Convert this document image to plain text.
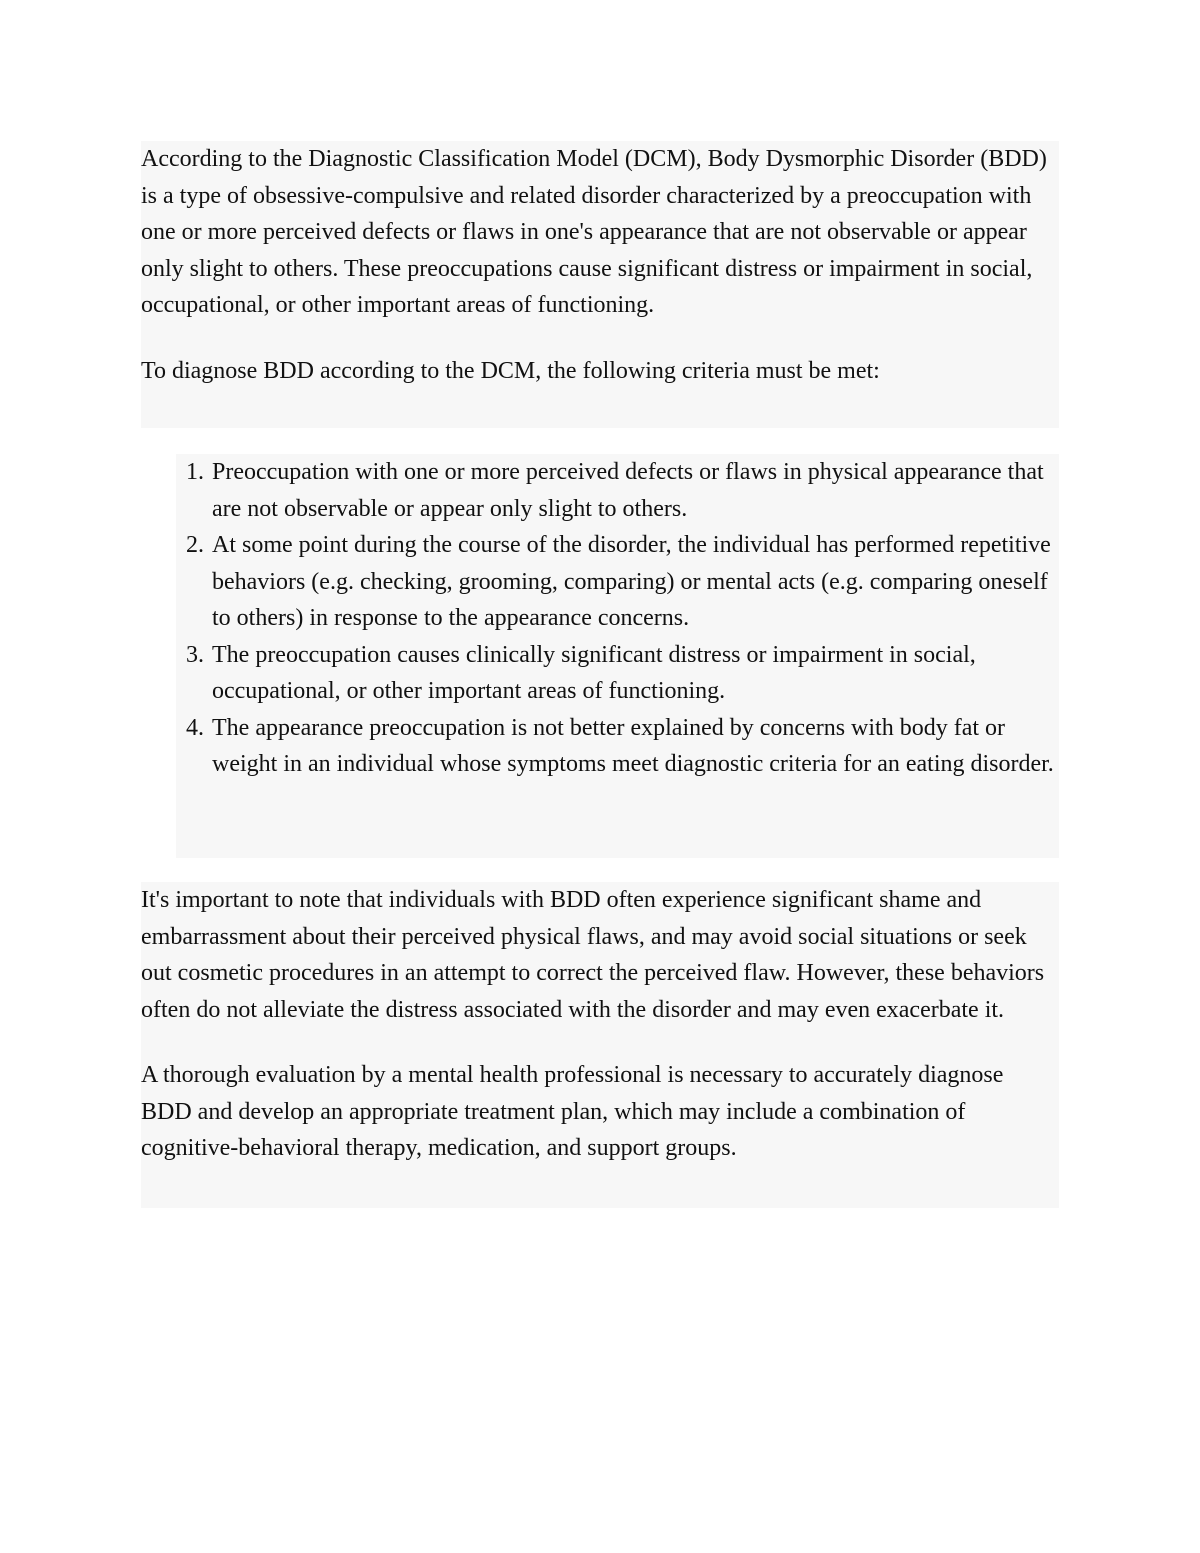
According to the Diagnostic Classification Model (DCM), Body Dysmorphic Disorder (BDD) is a type of obsessive-compulsive and related disorder characterized by a preoccupation with one or more perceived defects or flaws in one's appearance that are not observable or appear only slight to others. These preoccupations cause significant distress or impairment in social, occupational, or other important areas of functioning.

To diagnose BDD according to the DCM, the following criteria must be met:

1. Preoccupation with one or more perceived defects or flaws in physical appearance that are not observable or appear only slight to others.
2. At some point during the course of the disorder, the individual has performed repetitive behaviors (e.g. checking, grooming, comparing) or mental acts (e.g. comparing oneself to others) in response to the appearance concerns.
3. The preoccupation causes clinically significant distress or impairment in social, occupational, or other important areas of functioning.
4. The appearance preoccupation is not better explained by concerns with body fat or weight in an individual whose symptoms meet diagnostic criteria for an eating disorder.

It's important to note that individuals with BDD often experience significant shame and embarrassment about their perceived physical flaws, and may avoid social situations or seek out cosmetic procedures in an attempt to correct the perceived flaw. However, these behaviors often do not alleviate the distress associated with the disorder and may even exacerbate it.

A thorough evaluation by a mental health professional is necessary to accurately diagnose BDD and develop an appropriate treatment plan, which may include a combination of cognitive-behavioral therapy, medication, and support groups.
